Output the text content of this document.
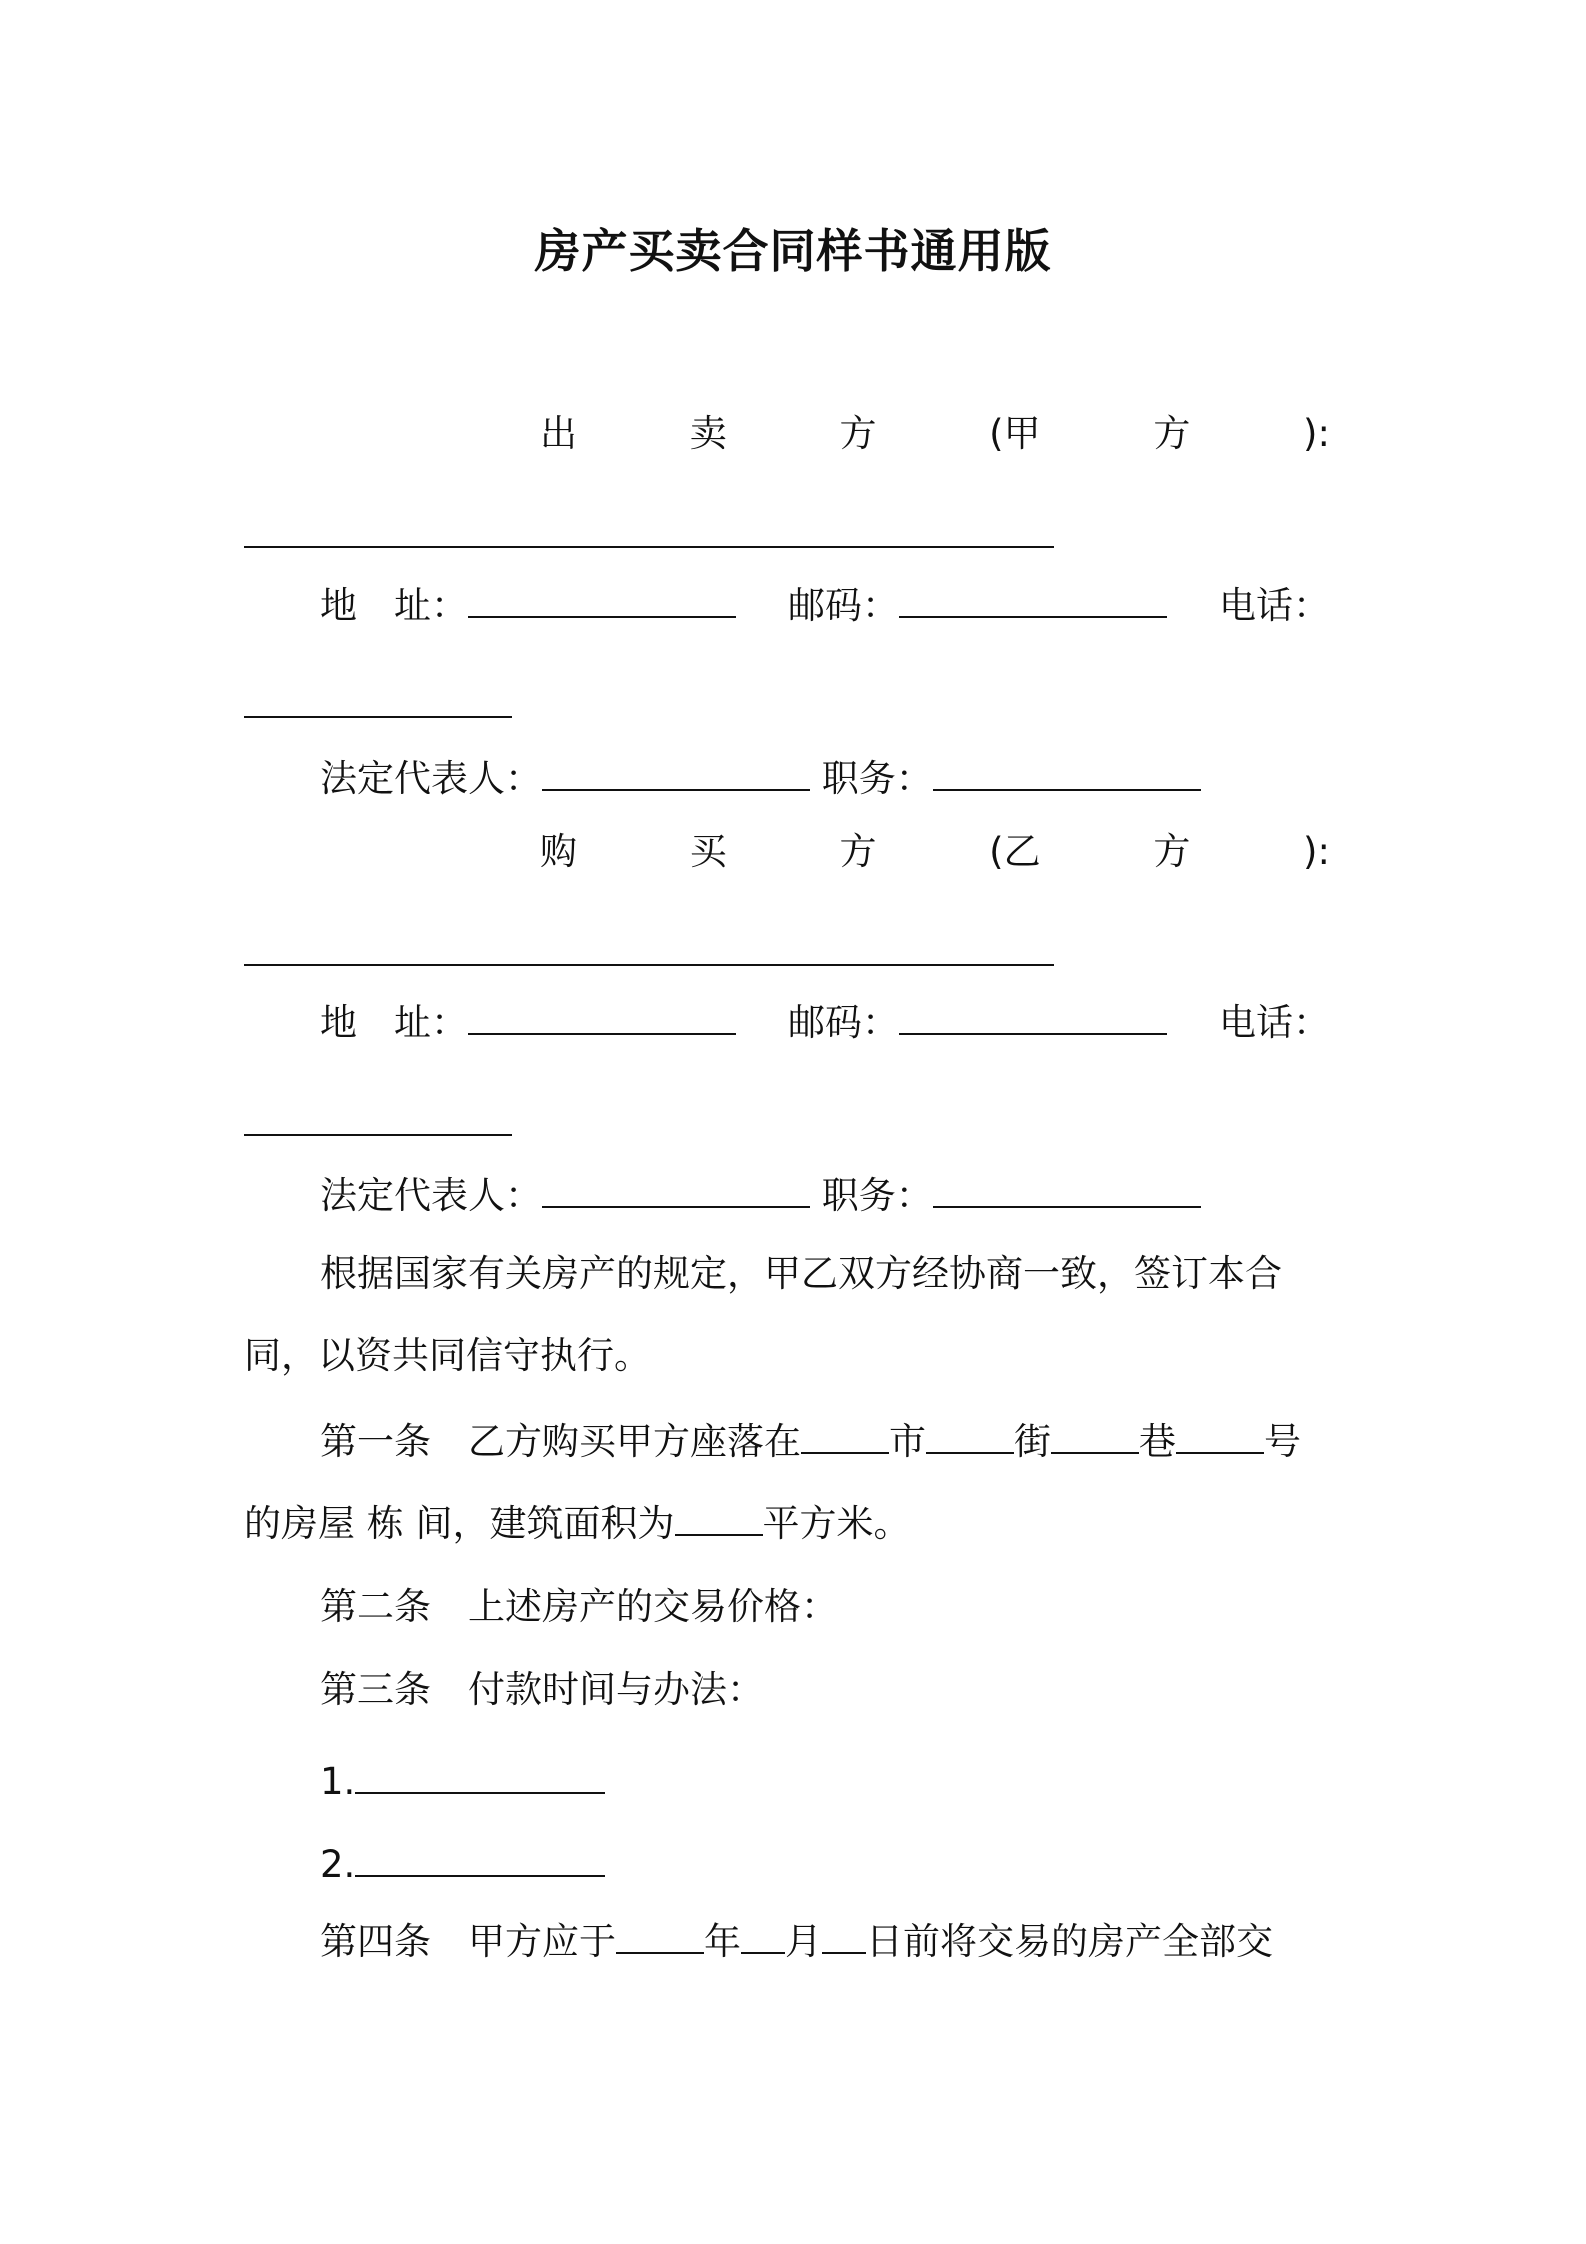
房产买卖合同样书通用版
出	卖	方	(甲	方	):
地　址：	邮码：	电话：
法定代表人：	职务：
购	买	方	(乙	方	):
地　址：	邮码：	电话：
法定代表人：	职务：
根据国家有关房产的规定，甲乙双方经协商一致，签订本合
同，以资共同信守执行。
第一条　乙方购买甲方座落在 市 街 巷 号
的房屋 栋 间，建筑面积为 平方米。
第二条　上述房产的交易价格：
第三条　付款时间与办法：
1.
2.
第四条　甲方应于 年 月 日前将交易的房产全部交
